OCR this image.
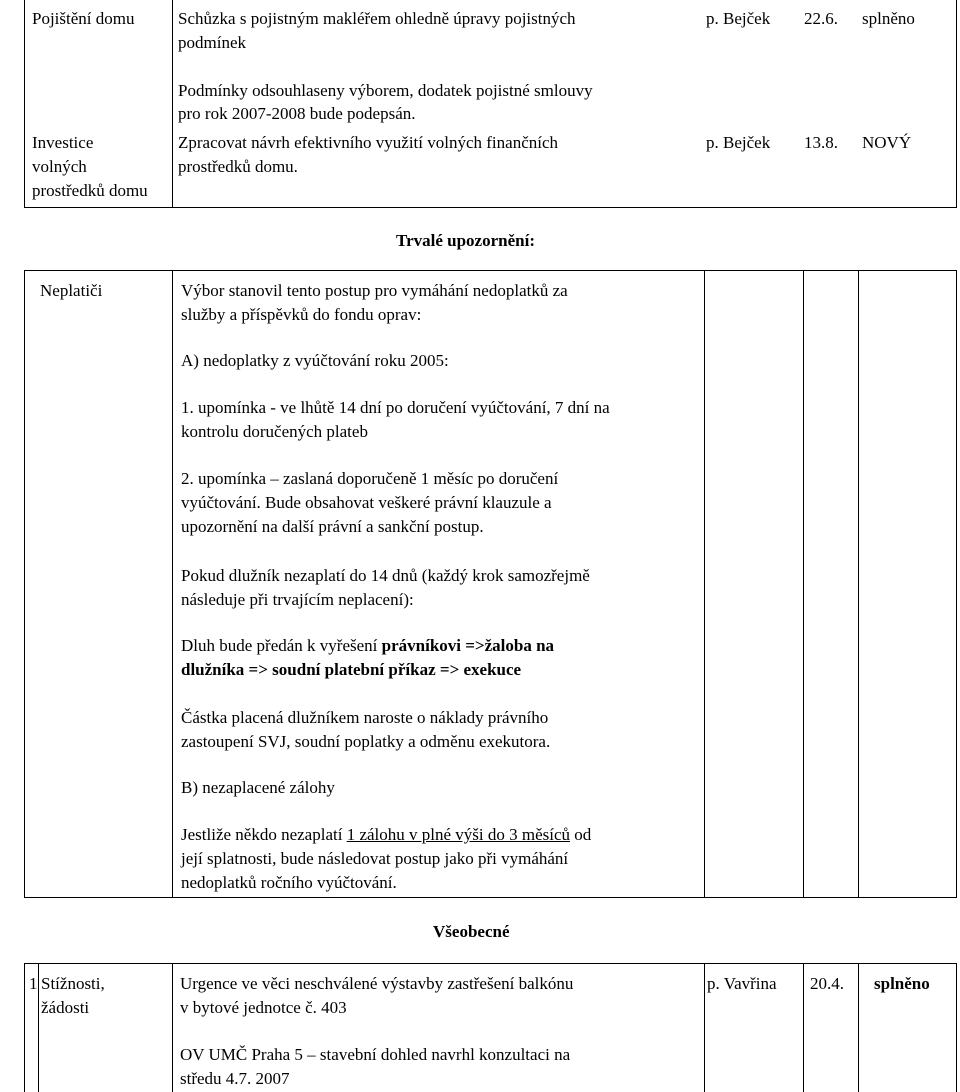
Pojištění domu	Schůzka s pojistným makléřem ohledně úpravy pojistných
podmínek
Podmínky odsouhlaseny výborem, dodatek pojistné smlouvy
pro rok 2007-2008 bude podepsán.
p. Bejček 22.6. splněno
Investice
volných
prostředků domu
Zpracovat návrh efektivního využití volných finančních
prostředků domu.
p. Bejček 13.8. NOVÝ
Trvalé upozornění:
Neplatiči	Výbor stanovil tento postup pro vymáhání nedoplatků za
služby a příspěvků do fondu oprav:
A) nedoplatky z vyúčtování roku 2005:
1. upomínka - ve lhůtě 14 dní po doručení vyúčtování, 7 dní na
kontrolu doručených plateb
2. upomínka – zaslaná doporučeně 1 měsíc po doručení
vyúčtování. Bude obsahovat veškeré právní klauzule a
upozornění na další právní a sankční postup.
Pokud dlužník nezaplatí do 14 dnů (každý krok samozřejmě
následuje při trvajícím neplacení):
Dluh bude předán k vyřešení právníkovi =>žaloba na
dlužníka => soudní platební příkaz => exekuce
Částka placená dlužníkem naroste o náklady právního
zastoupení SVJ, soudní poplatky a odměnu exekutora.
B) nezaplacené zálohy
Jestliže někdo nezaplatí 1 zálohu v plné výši do 3 měsíců od
její splatnosti, bude následovat postup jako při vymáhání
nedoplatků ročního vyúčtování.
Všeobecné
1 Stížnosti,
žádosti
Urgence ve věci neschválené výstavby zastřešení balkónu
v bytové jednotce č. 403
OV UMČ Praha 5 – stavební dohled navrhl konzultaci na
středu 4.7. 2007
p. Vavřina 20.4. splněno
